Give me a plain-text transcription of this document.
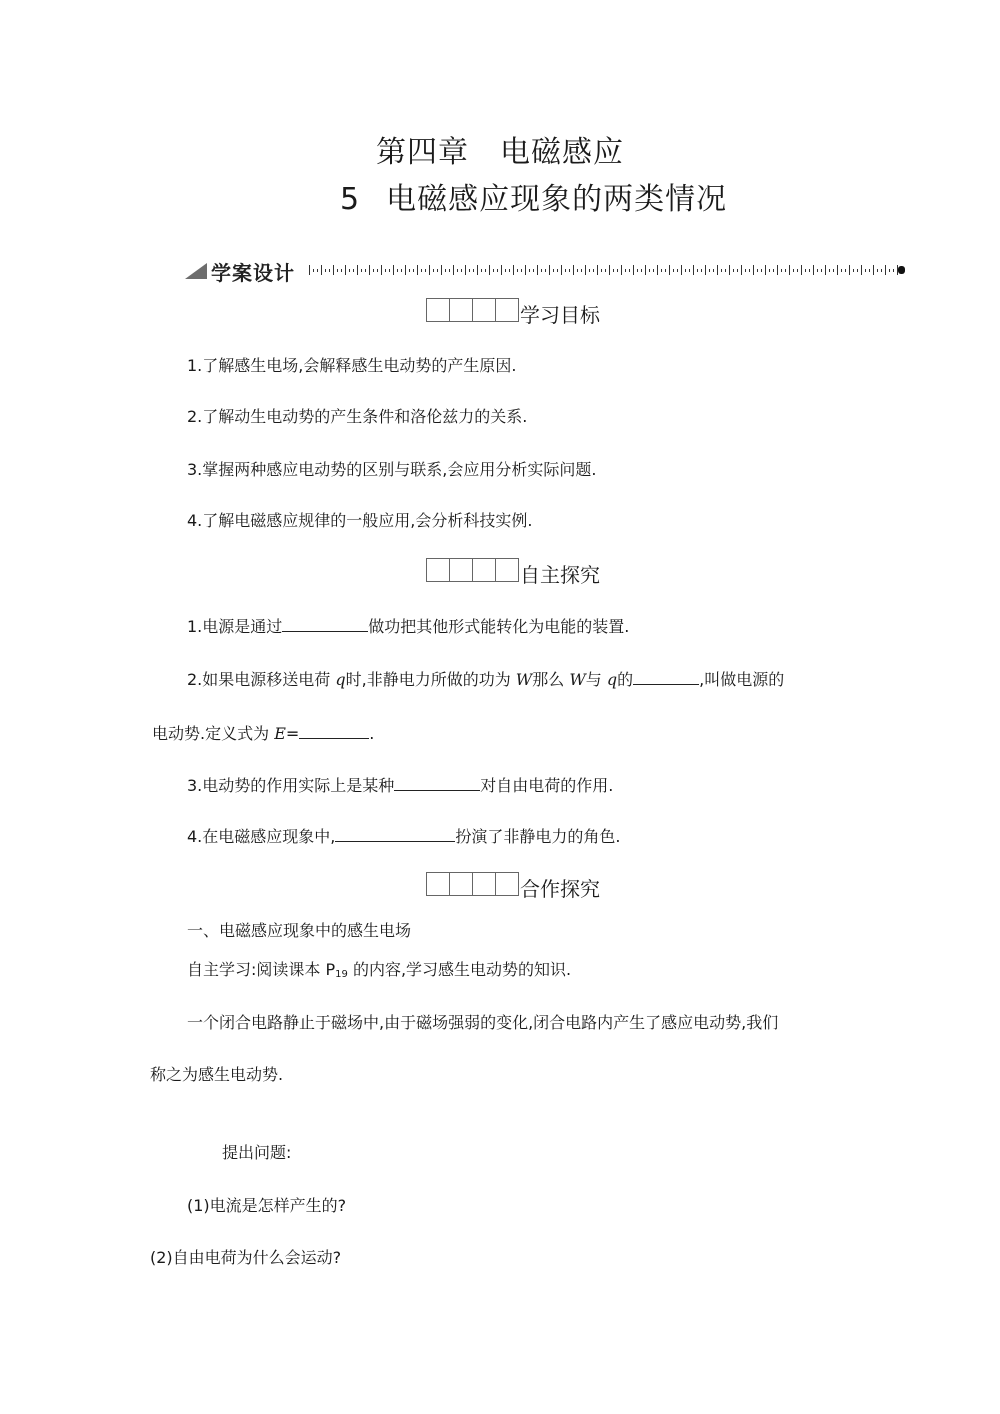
第四章　电磁感应
5 电磁感应现象的两类情况
学案设计
学习目标
1.了解感生电场,会解释感生电动势的产生原因.
2.了解动生电动势的产生条件和洛伦兹力的关系.
3.掌握两种感应电动势的区别与联系,会应用分析实际问题.
4.了解电磁感应规律的一般应用,会分析科技实例.
自主探究
1.电源是通过	做功把其他形式能转化为电能的装置.
2.如果电源移送电荷 q时,非静电力所做的功为 W那么 W与 q的	,叫做电源的
电动势.定义式为 E=	.
3.电动势的作用实际上是某种	对自由电荷的作用.
4.在电磁感应现象中,	扮演了非静电力的角色.
合作探究
一、电磁感应现象中的感生电场
自主学习:阅读课本 $P_{19}$ 的内容,学习感生电动势的知识.
一个闭合电路静止于磁场中,由于磁场强弱的变化,闭合电路内产生了感应电动势,我们
称之为感生电动势.
提出问题:
(1)电流是怎样产生的?
(2)自由电荷为什么会运动?
